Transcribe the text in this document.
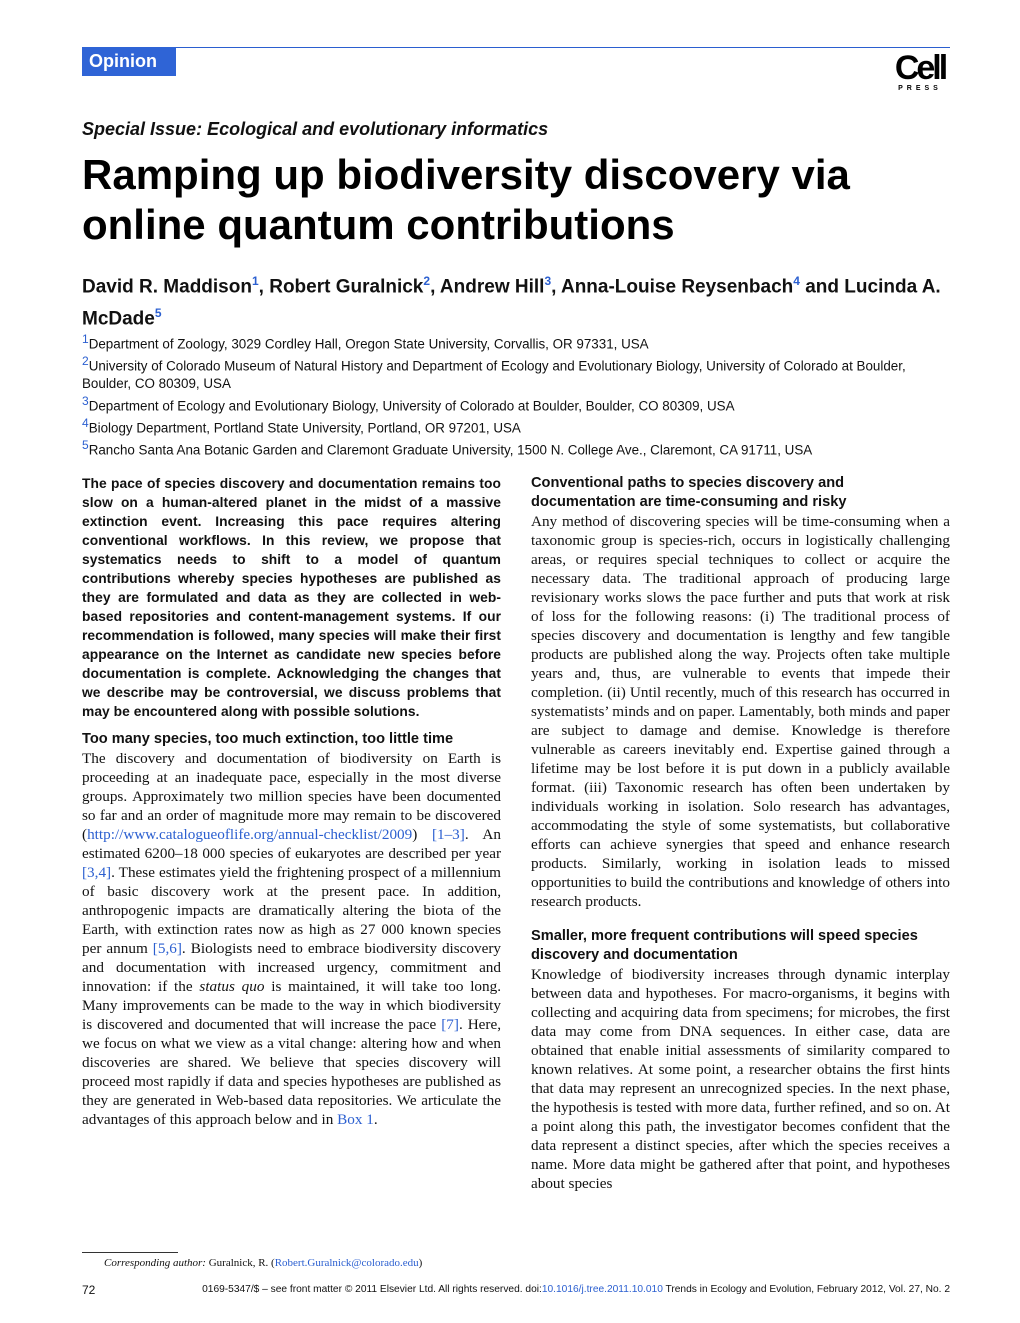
Opinion	Cell
PRESS
Special Issue: Ecological and evolutionary informatics
Ramping up biodiversity discovery via online quantum contributions
David R. Maddison$^1$, Robert Guralnick$^2$, Andrew Hill$^3$, Anna-Louise Reysenbach$^4$ and Lucinda A. McDade$^5$
$^1$Department of Zoology, 3029 Cordley Hall, Oregon State University, Corvallis, OR 97331, USA
$^2$University of Colorado Museum of Natural History and Department of Ecology and Evolutionary Biology, University of Colorado at Boulder, Boulder, CO 80309, USA
$^3$Department of Ecology and Evolutionary Biology, University of Colorado at Boulder, Boulder, CO 80309, USA
$^4$Biology Department, Portland State University, Portland, OR 97201, USA
$^5$Rancho Santa Ana Botanic Garden and Claremont Graduate University, 1500 N. College Ave., Claremont, CA 91711, USA

The pace of species discovery and documentation remains too slow on a human-altered planet in the midst of a massive extinction event. Increasing this pace requires altering conventional workflows. In this review, we propose that systematics needs to shift to a model of quantum contributions whereby species hypotheses are published as they are formulated and data as they are collected in web-based repositories and content-management systems. If our recommendation is followed, many species will make their first appearance on the Internet as candidate new species before documentation is complete. Acknowledging the changes that we describe may be controversial, we discuss problems that may be encountered along with possible solutions.

Too many species, too much extinction, too little time

The discovery and documentation of biodiversity on Earth is proceeding at an inadequate pace, especially in the most diverse groups. Approximately two million species have been documented so far and an order of magnitude more may remain to be discovered (http://www.catalogueoflife.org/annual-checklist/2009) [1–3]. An estimated 6200–18 000 species of eukaryotes are described per year [3,4]. These estimates yield the frightening prospect of a millennium of basic discovery work at the present pace. In addition, anthropogenic impacts are dramatically altering the biota of the Earth, with extinction rates now as high as 27 000 known species per annum [5,6]. Biologists need to embrace biodiversity discovery and documentation with increased urgency, commitment and innovation: if the status quo is maintained, it will take too long. Many improvements can be made to the way in which biodiversity is discovered and documented that will increase the pace [7]. Here, we focus on what we view as a vital change: altering how and when discoveries are shared. We believe that species discovery will proceed most rapidly if data and species hypotheses are published as they are generated in Web-based data repositories. We articulate the advantages of this approach below and in Box 1.

Conventional paths to species discovery and documentation are time-consuming and risky

Any method of discovering species will be time-consuming when a taxonomic group is species-rich, occurs in logistically challenging areas, or requires special techniques to collect or acquire the necessary data. The traditional approach of producing large revisionary works slows the pace further and puts that work at risk of loss for the following reasons: (i) The traditional process of species discovery and documentation is lengthy and few tangible products are published along the way. Projects often take multiple years and, thus, are vulnerable to events that impede their completion. (ii) Until recently, much of this research has occurred in systematists’ minds and on paper. Lamentably, both minds and paper are subject to damage and demise. Knowledge is therefore vulnerable as careers inevitably end. Expertise gained through a lifetime may be lost before it is put down in a publicly available format. (iii) Taxonomic research has often been undertaken by individuals working in isolation. Solo research has advantages, accommodating the style of some systematists, but collaborative efforts can achieve synergies that speed and enhance research products. Similarly, working in isolation leads to missed opportunities to build the contributions and knowledge of others into research products.

Smaller, more frequent contributions will speed species discovery and documentation

Knowledge of biodiversity increases through dynamic interplay between data and hypotheses. For macro-organisms, it begins with collecting and acquiring data from specimens; for microbes, the first data may come from DNA sequences. In either case, data are obtained that enable initial assessments of similarity compared to known relatives. At some point, a researcher obtains the first hints that data may represent an unrecognized species. In the next phase, the hypothesis is tested with more data, further refined, and so on. At a point along this path, the investigator becomes confident that the data represent a distinct species, after which the species receives a name. More data might be gathered after that point, and hypotheses about species

Corresponding author: Guralnick, R. (Robert.Guralnick@colorado.edu)
72	0169-5347/$ – see front matter © 2011 Elsevier Ltd. All rights reserved. doi:10.1016/j.tree.2011.10.010 Trends in Ecology and Evolution, February 2012, Vol. 27, No. 2
